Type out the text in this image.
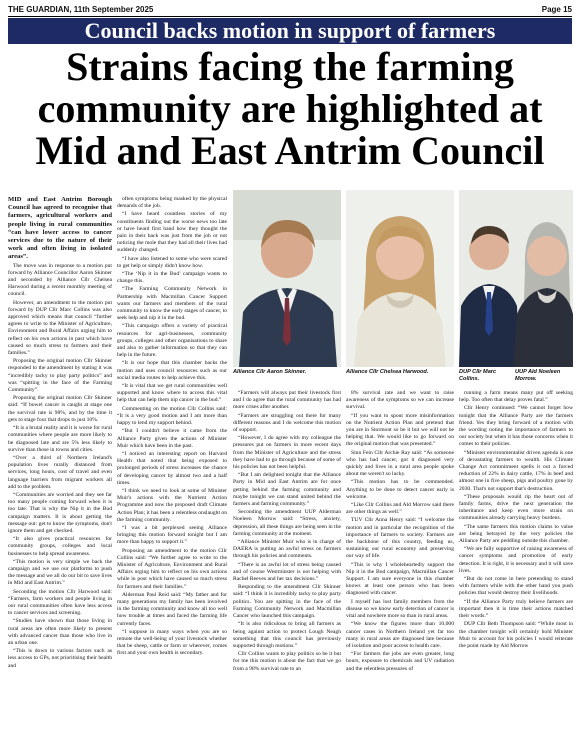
THE GUARDIAN, 11th September 2025	Page 15
Council backs motion in support of farmers
Strains facing the farming community are highlighted at Mid and East Antrim Council
Alliance Cllr Aaron Skinner.	Alliance Cllr Chelsea Harwood.	DUP Cllr Marc Collins.
UUP Ald Noeleen Morrow.

MID and East Antrim Borough Council has agreed to recognise that farmers, agricultural workers and people living in rural communities “can have lower access to cancer services due to the nature of their work and often living in isolated areas”.

The move was in response to a motion put forward by Alliance Councillor Aaron Skinner and seconded by Alliance Cllr Chelsea Harwood during a recent monthly meeting of council.

However, an amendment to the motion put forward by DUP Cllr Marc Collins was also approved which means that council “further agrees to write to the Minister of Agriculture, Environment and Rural Affairs urging him to reflect on his own actions in past which have caused so much stress to farmers and their families.”

Proposing the original motion Cllr Skinner responded to the amendment by stating it was “incredibly tacky to play party politics” and was “spitting in the face of the Farming Community”.

Proposing the original motion Cllr Skinner said: “If bowel cancer is caught at stage one the survival rate is 98%, and by the time it gets to stage four that drops to just 10%.

“It is a brutal reality and it is worse for rural communities where people are more likely to be diagnosed late and are 5% less likely to survive than those in towns and cities.

“Over a third of Northern Ireland's population lives rurally distanced from services, long hours, cost of travel and even language barriers from migrant workers all add to the problem.

“Communities are worried and they see far too many people coming forward when it is too late. That is why the Nip it in the Bud campaign matters. It is about getting the message out: get to know the symptoms, don't ignore them and get checked.

“It also gives practical resources for community groups, colleges and local businesses to help spread awareness.

“This motion is very simple we back the campaign and we use our platforms to push the message and we all do our bit to save lives in Mid and East Antrim.”

Seconding the motion Cllr Harwood said: “Farmers, farm workers and people living in our rural communities often have less access to cancer services and screening.

“Studies have shown that those living in rural areas are often more likely to present with advanced cancer than those who live in an urban one.

“This is down to various factors such as less access to GPs, not prioritising their health and

often symptoms being masked by the physical demands of the job.

“I have heard countless stories of my constituents finding out the worse news too late or have heard first hand how they thought the pain in their back was just from the job or not noticing the mole that they had all their lives had suddenly changed.

“I have also listened to some who were scared to get help or simply didn't know how.

“The ‘Nip it in the Bud’ campaign wants to change this.

“The Farming Community Network in Partnership with Macmillan Cancer Support wants our farmers and members of the rural community to know the early stages of cancer, to seek help and nip it in the bud.

“This campaign offers a variety of practical resources for agri-businesses, community groups, colleges and other organisations to share and also to gather information so that they can help in the future.

“It is our hope that this chamber backs the motion and uses council resources such as our social media routes to help achieve this.

“It is vital that we get rural communities well supported and know where to access this vital help that can help them nip cancer in the bud.”

Commenting on the motion Cllr Collins said: “It is a very good motion and I am more than happy to lend my support behind.

“But I couldn't believe it came from the Alliance Party given the actions of Minister Muir which have been in the past.

“I noticed an interesting report on Harvard Health that noted that being exposed to prolonged periods of stress increases the chance of developing cancer by almost two and a half times.

“I think we need to look at some of Minister Muir's actions with the Nutrient Action Programme and now the proposed draft Climate Action Plan; it has been a relentless onslaught on the farming community.

“I was a bit perplexed seeing Alliance bringing this motion forward tonight but I am more than happy to support it.”

Proposing an amendment to the motion Cllr Collins said: “We further agree to write to the Minister of Agriculture, Environment and Rural Affairs urging him to reflect on his own actions while in post which have caused so much stress for farmers and their families.”

Alderman Paul Reid said: “My father and for many generations my family has been involved in the farming community and know all too well how trouble at times and faced the farming life currently faces.

“I suppose in many ways when you are so remote the well-being of your livestock whether that be sheep, cattle or farm or wherever, comes first and your own health is secondary.

“Farmers will always put their livestock first and I do agree that the rural community has had more crises after another.

“Farmers are struggling out there for many different reasons and I do welcome this motion of support.

“However, I do agree with my colleague the pressures put on farmers in more recent days from the Minister of Agriculture and the stress they have had to go through because of some of his policies has not been helpful.

“But I am delighted tonight that the Alliance Party in Mid and East Antrim are for once getting behind the farming community and maybe tonight we can stand united behind the farmers and farming community.”

Seconding the amendment UUP Alderman Noeleen Morrow said: “Stress, anxiety, depression, all these things are being seen in the farming community at the moment.

“Alliance Minister Muir who is in charge of DAERA is putting an awful stress on farmers through his policies and comments.

“There is an awful lot of stress being caused and of course Westminster is not helping with Rachel Reeves and her tax decisions.”

Responding to the amendment Cllr Skinner said: “I think it is incredibly tacky to play party politics. You are spitting in the face of the Farming Community Network and Macmillan Cancer who launched this campaign.

“It is also ridiculous to bring all farmers as being against action to protect Lough Neagh something that this council has previously supported through motions.”

Cllr Collins wants to play politics so be it but for me this motion is about the fact that we go from a 98% survival rate to an

8% survival rate and we want to raise awareness of the symptoms so we can increase survival.

“If you want to spout more misinformation on the Nutrient Action Plan and pretend that you are in Stormont so be it but we will not be helping that. We would like to go forward on the original motion that was presented.”

Sinn Fein Cllr Archie Ray said: “As someone who has had cancer, got it diagnosed very quickly and lives in a rural area people spoke about me weren't so lucky.

“This motion has to be commended. Anything to be done to detect cancer early is welcome.

“Like Cllr Collins and Ald Morrow said there are other things as well.”

TUV Cllr Anna Henry said: “I welcome the motion and in particular the recognition of the importance of farmers to society. Farmers are the backbone of this country, feeding us, sustaining our rural economy and preserving our way of life.

“This is why I wholeheartedly support the Nip it in the Bud campaign, Macmillan Cancer Support. I am sure everyone in this chamber knows at least one person who has been diagnosed with cancer.

I myself has lost family members from the disease so we know early detection of cancer is vital and nowhere more so than in rural areas.

“We know the figures more than 10,000 cancer cases in Northern Ireland yet far too many in rural areas are diagnosed late because of isolation and poor access to health care.

“For farmers the jobs are even greater, long hours, exposure to chemicals and UV radiation and the relentless pressures of

running a farm means many put off seeking help. Too often that delay proves fatal.”

Cllr Henry continued: “We cannot forget how tonight that the Alliance Party are the farmers friend. Yes they bring forward of a motion with the wording noting the importance of farmers to our society but when it has those concerns when it comes to their policies.

“Minister environmentalist driven agenda is one of devastating farmers to wealth. His Climate Change Act commitment spells it out a forced reduction of 22% in dairy cattle, 17% in beef and almost one in five sheep, pigs and poultry gone by 2030. That's not support that's destruction.

“These proposals would rip the heart out of family farms, drive the next generation the inheritance and keep even more strain on communities already carrying heavy burdens.

“The same farmers this motion claims to value are being betrayed by the very policies the Alliance Party are peddling outside this chamber.

“We are fully supportive of raising awareness of cancer symptoms and promotion of early detection. It is right, it is necessary and it will save lives.

“But do not come in here pretending to stand with farmers while with the other hand you push policies that would destroy their livelihoods.

“If the Alliance Party truly believe farmers are important then it is time their actions matched their words.”

DUP Cllr Beth Thompson said: “While most in the chamber tonight will certainly hold Minister Muir to account for his policies I would reiterate the point made by Ald Morrow
